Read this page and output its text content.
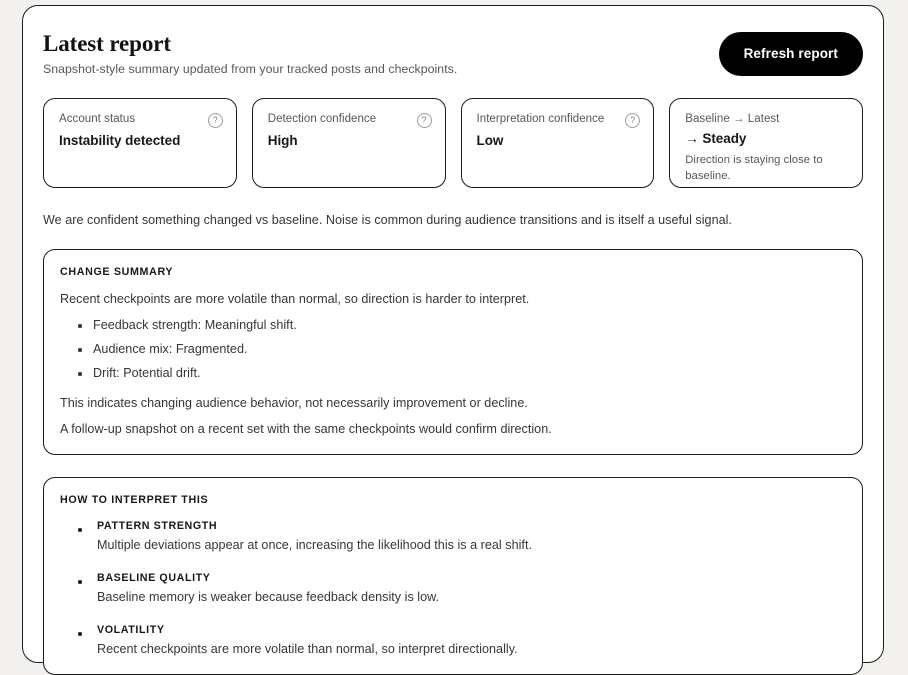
Latest report

Snapshot-style summary updated from your tracked posts and checkpoints.

Refresh report
Account status	?
Instability detected
Detection confidence	?
High
Interpretation confidence	?
Low
Baseline → Latest
→ Steady
Direction is staying close to baseline.

We are confident something changed vs baseline. Noise is common during audience transitions and is itself a useful signal.

CHANGE SUMMARY

Recent checkpoints are more volatile than normal, so direction is harder to interpret.

Feedback strength: Meaningful shift.
Audience mix: Fragmented.
Drift: Potential drift.

This indicates changing audience behavior, not necessarily improvement or decline.

A follow-up snapshot on a recent set with the same checkpoints would confirm direction.

HOW TO INTERPRET THIS
PATTERN STRENGTH
Multiple deviations appear at once, increasing the likelihood this is a real shift.
BASELINE QUALITY
Baseline memory is weaker because feedback density is low.
VOLATILITY
Recent checkpoints are more volatile than normal, so interpret directionally.
